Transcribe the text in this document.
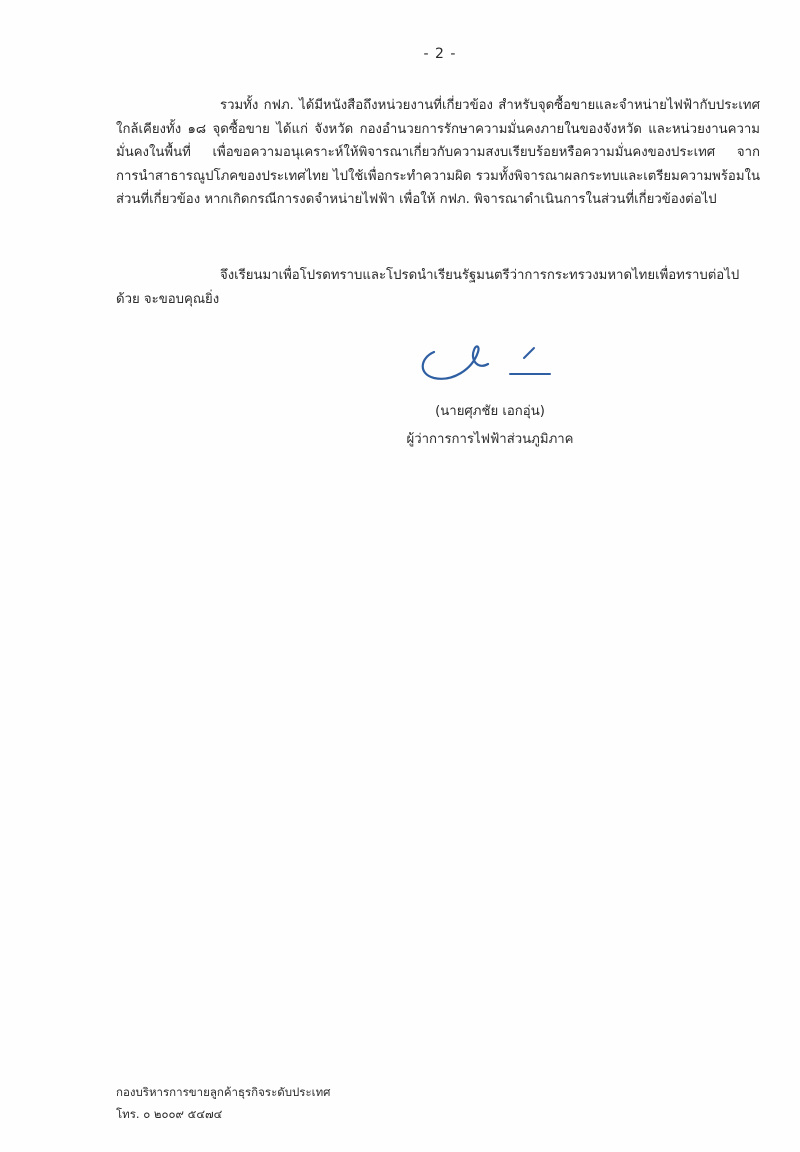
- 2 -

รวมทั้ง กฟภ. ได้มีหนังสือถึงหน่วยงานที่เกี่ยวข้อง สำหรับจุดซื้อขายและจำหน่ายไฟฟ้ากับประเทศใกล้เคียงทั้ง ๑๘ จุดซื้อขาย ได้แก่ จังหวัด กองอำนวยการรักษาความมั่นคงภายในของจังหวัด และหน่วยงานความมั่นคงในพื้นที่ เพื่อขอความอนุเคราะห์ให้พิจารณาเกี่ยวกับความสงบเรียบร้อยหรือความมั่นคงของประเทศ จากการนำสาธารณูปโภคของประเทศไทย ไปใช้เพื่อกระทำความผิด รวมทั้งพิจารณาผลกระทบและเตรียมความพร้อมในส่วนที่เกี่ยวข้อง หากเกิดกรณีการงดจำหน่ายไฟฟ้า เพื่อให้ กฟภ. พิจารณาดำเนินการในส่วนที่เกี่ยวข้องต่อไป

จึงเรียนมาเพื่อโปรดทราบและโปรดนำเรียนรัฐมนตรีว่าการกระทรวงมหาดไทยเพื่อทราบต่อไปด้วย จะขอบคุณยิ่ง

(นายศุภชัย เอกอุ่น)
ผู้ว่าการการไฟฟ้าส่วนภูมิภาค
กองบริหารการขายลูกค้าธุรกิจระดับประเทศ
โทร. ๐ ๒๐๐๙ ๕๔๗๔
